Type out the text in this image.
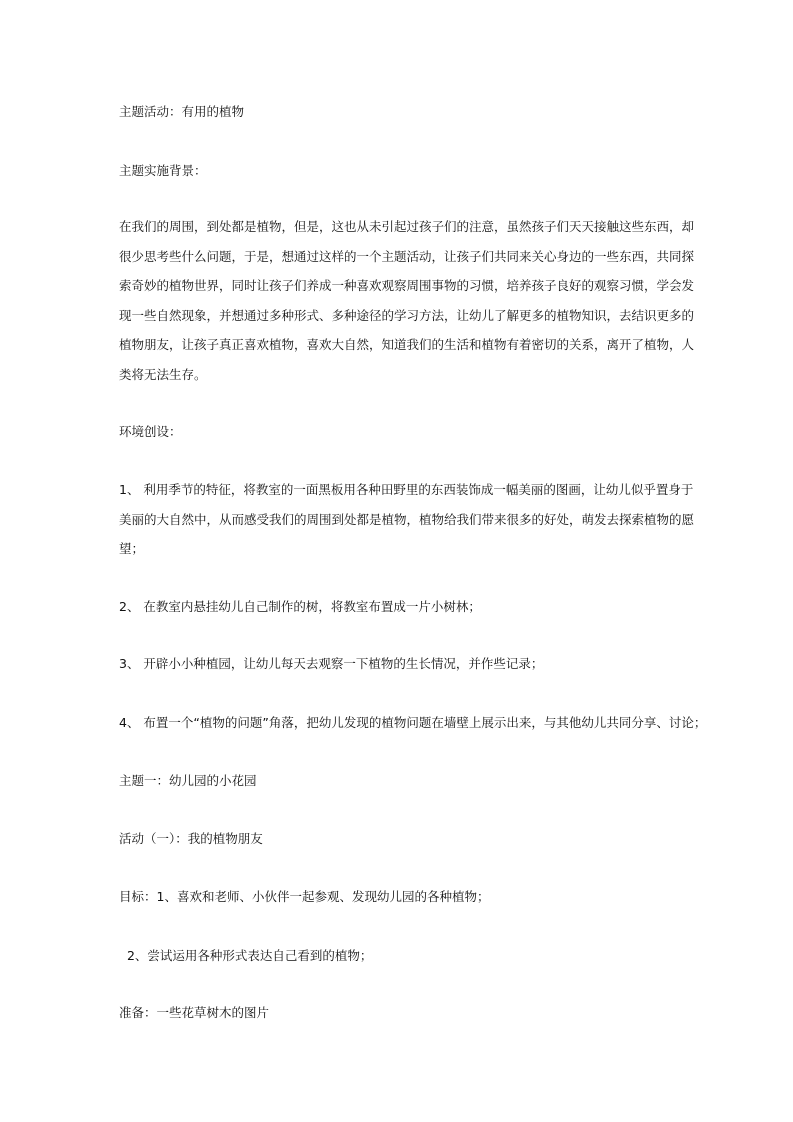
主题活动：有用的植物
主题实施背景：
在我们的周围，到处都是植物，但是，这也从未引起过孩子们的注意，虽然孩子们天天接触这些东西，却
很少思考些什么问题，于是，想通过这样的一个主题活动，让孩子们共同来关心身边的一些东西，共同探
索奇妙的植物世界，同时让孩子们养成一种喜欢观察周围事物的习惯，培养孩子良好的观察习惯，学会发
现一些自然现象，并想通过多种形式、多种途径的学习方法，让幼儿了解更多的植物知识，去结识更多的
植物朋友，让孩子真正喜欢植物，喜欢大自然，知道我们的生活和植物有着密切的关系，离开了植物，人
类将无法生存。
环境创设：
1、 利用季节的特征，将教室的一面黑板用各种田野里的东西装饰成一幅美丽的图画，让幼儿似乎置身于
美丽的大自然中，从而感受我们的周围到处都是植物，植物给我们带来很多的好处，萌发去探索植物的愿
望；
2、 在教室内悬挂幼儿自己制作的树，将教室布置成一片小树林；
3、 开辟小小种植园，让幼儿每天去观察一下植物的生长情况，并作些记录；
4、 布置一个“植物的问题”角落，把幼儿发现的植物问题在墙壁上展示出来，与其他幼儿共同分享、讨论；
主题一：幼儿园的小花园
活动（一）：我的植物朋友
目标：1、喜欢和老师、小伙伴一起参观、发现幼儿园的各种植物；
2、尝试运用各种形式表达自己看到的植物；
准备：一些花草树木的图片
